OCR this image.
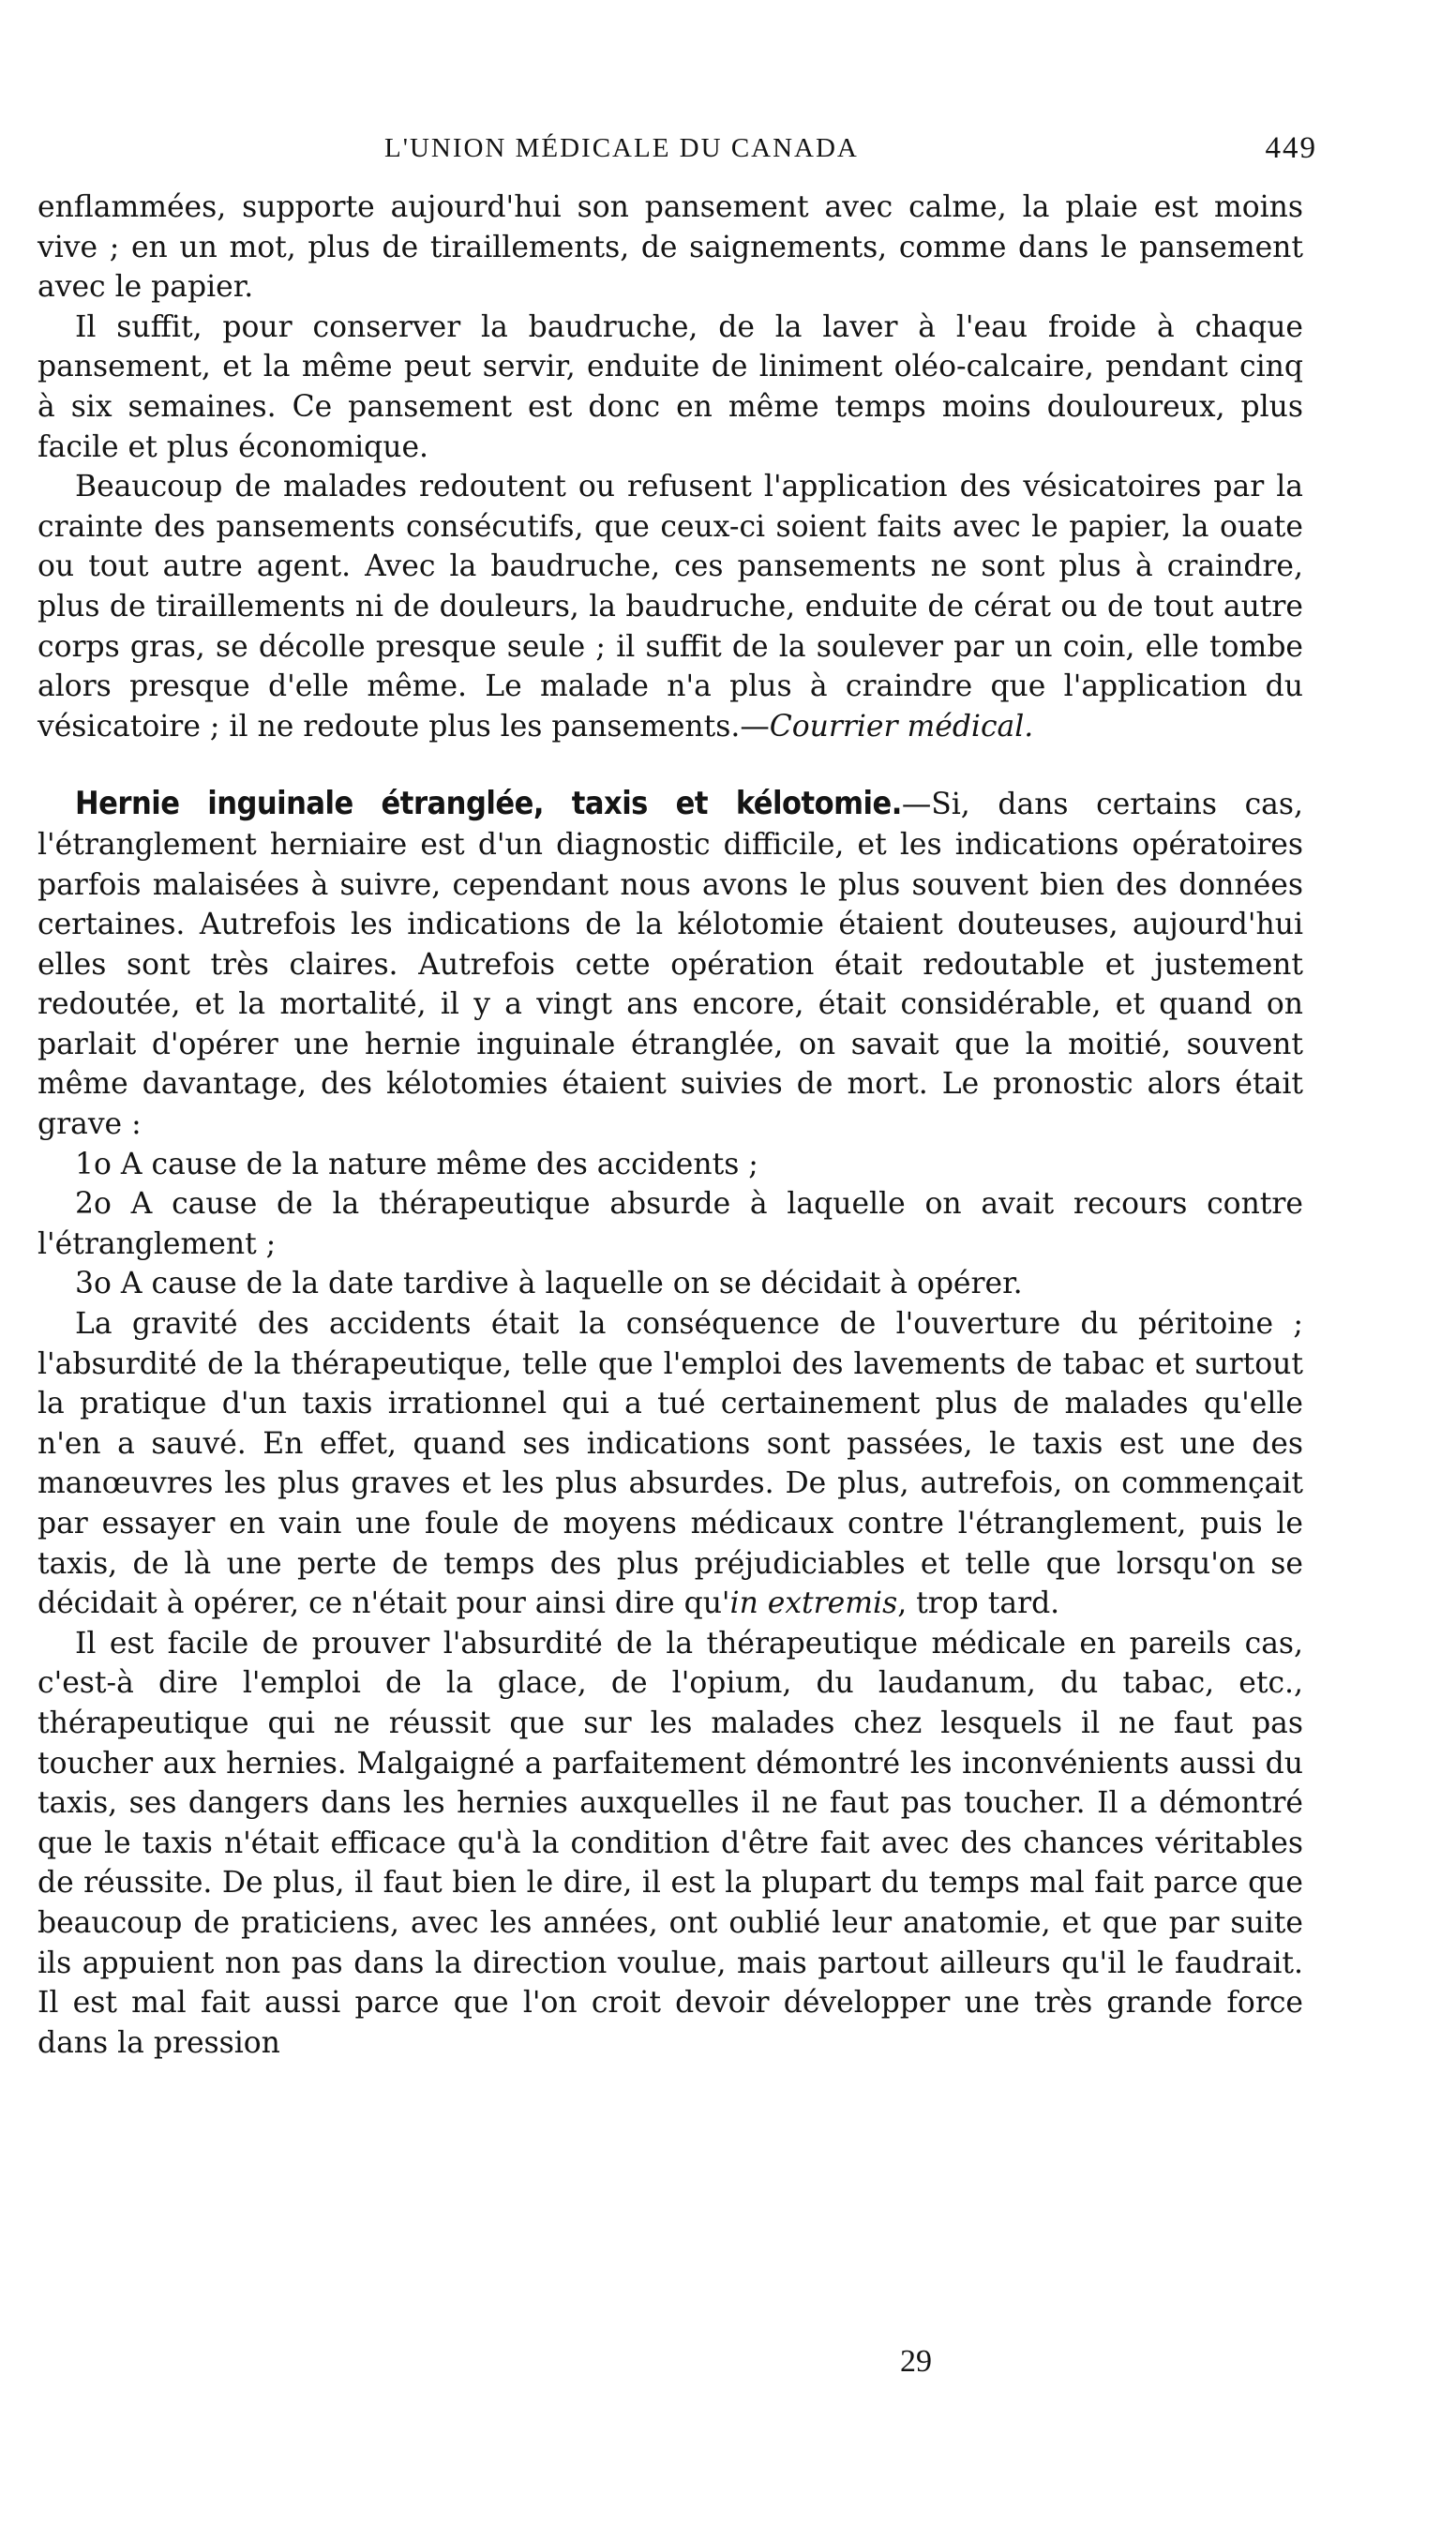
L'UNION MÉDICALE DU CANADA	449

enflammées, supporte aujourd'hui son pansement avec calme, la plaie est moins vive ; en un mot, plus de tiraillements, de saignements, comme dans le pansement avec le papier.

Il suffit, pour conserver la baudruche, de la laver à l'eau froide à chaque pansement, et la même peut servir, enduite de liniment oléo-calcaire, pendant cinq à six semaines. Ce pansement est donc en même temps moins douloureux, plus facile et plus économique.

Beaucoup de malades redoutent ou refusent l'application des vésicatoires par la crainte des pansements consécutifs, que ceux-ci soient faits avec le papier, la ouate ou tout autre agent. Avec la baudruche, ces pansements ne sont plus à craindre, plus de tiraillements ni de douleurs, la baudruche, enduite de cérat ou de tout autre corps gras, se décolle presque seule ; il suffit de la soulever par un coin, elle tombe alors presque d'elle même. Le malade n'a plus à craindre que l'application du vésicatoire ; il ne redoute plus les pansements.—Courrier médical.

Hernie inguinale étranglée, taxis et kélotomie.—Si, dans certains cas, l'étranglement herniaire est d'un diagnostic difficile, et les indications opératoires parfois malaisées à suivre, cependant nous avons le plus souvent bien des données certaines. Autrefois les indications de la kélotomie étaient douteuses, aujourd'hui elles sont très claires. Autrefois cette opération était redoutable et justement redoutée, et la mortalité, il y a vingt ans encore, était considérable, et quand on parlait d'opérer une hernie inguinale étranglée, on savait que la moitié, souvent même davantage, des kélotomies étaient suivies de mort. Le pronostic alors était grave :

1o A cause de la nature même des accidents ;

2o A cause de la thérapeutique absurde à laquelle on avait recours contre l'étranglement ;

3o A cause de la date tardive à laquelle on se décidait à opérer.

La gravité des accidents était la conséquence de l'ouverture du péritoine ; l'absurdité de la thérapeutique, telle que l'emploi des lavements de tabac et surtout la pratique d'un taxis irrationnel qui a tué certainement plus de malades qu'elle n'en a sauvé. En effet, quand ses indications sont passées, le taxis est une des manœuvres les plus graves et les plus absurdes. De plus, autrefois, on commençait par essayer en vain une foule de moyens médicaux contre l'étranglement, puis le taxis, de là une perte de temps des plus préjudiciables et telle que lorsqu'on se décidait à opérer, ce n'était pour ainsi dire qu'in extremis, trop tard.

Il est facile de prouver l'absurdité de la thérapeutique médicale en pareils cas, c'est-à dire l'emploi de la glace, de l'opium, du laudanum, du tabac, etc., thérapeutique qui ne réussit que sur les malades chez lesquels il ne faut pas toucher aux hernies. Malgaigné a parfaitement démontré les inconvénients aussi du taxis, ses dangers dans les hernies auxquelles il ne faut pas toucher. Il a démontré que le taxis n'était efficace qu'à la condition d'être fait avec des chances véritables de réussite. De plus, il faut bien le dire, il est la plupart du temps mal fait parce que beaucoup de praticiens, avec les années, ont oublié leur anatomie, et que par suite ils appuient non pas dans la direction voulue, mais partout ailleurs qu'il le faudrait. Il est mal fait aussi parce que l'on croit devoir développer une très grande force dans la pression

29
